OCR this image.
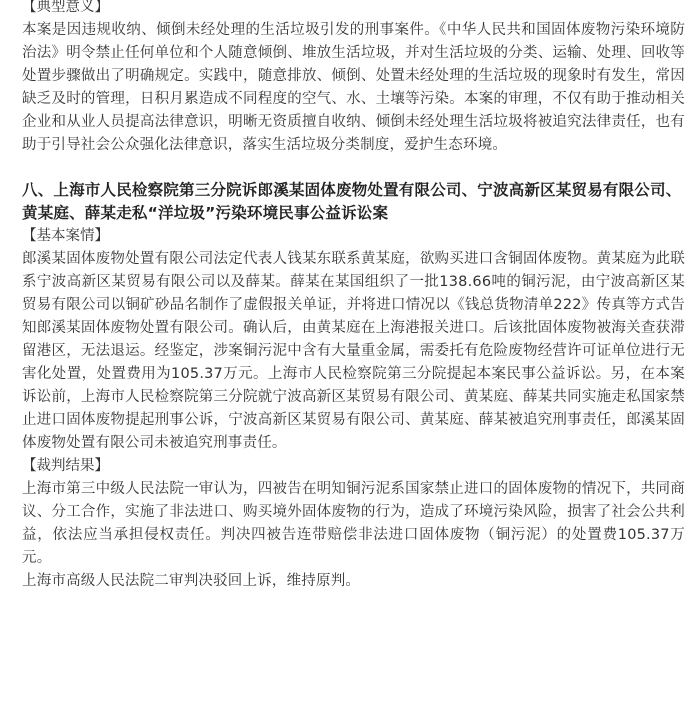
【典型意义】

本案是因违规收纳、倾倒未经处理的生活垃圾引发的刑事案件。《中华人民共和国固体废物污染环境防治法》明令禁止任何单位和个人随意倾倒、堆放生活垃圾，并对生活垃圾的分类、运输、处理、回收等处置步骤做出了明确规定。实践中，随意排放、倾倒、处置未经处理的生活垃圾的现象时有发生，常因缺乏及时的管理，日积月累造成不同程度的空气、水、土壤等污染。本案的审理，不仅有助于推动相关企业和从业人员提高法律意识，明晰无资质擅自收纳、倾倒未经处理生活垃圾将被追究法律责任，也有助于引导社会公众强化法律意识，落实生活垃圾分类制度，爱护生态环境。

八、上海市人民检察院第三分院诉郎溪某固体废物处置有限公司、宁波高新区某贸易有限公司、黄某庭、薛某走私“洋垃圾”污染环境民事公益诉讼案

【基本案情】

郎溪某固体废物处置有限公司法定代表人钱某东联系黄某庭，欲购买进口含铜固体废物。黄某庭为此联系宁波高新区某贸易有限公司以及薛某。薛某在某国组织了一批138.66吨的铜污泥，由宁波高新区某贸易有限公司以铜矿砂品名制作了虚假报关单证，并将进口情况以《钱总货物清单222》传真等方式告知郎溪某固体废物处置有限公司。确认后，由黄某庭在上海港报关进口。后该批固体废物被海关查获滞留港区，无法退运。经鉴定，涉案铜污泥中含有大量重金属，需委托有危险废物经营许可证单位进行无害化处置，处置费用为105.37万元。上海市人民检察院第三分院提起本案民事公益诉讼。另，在本案诉讼前，上海市人民检察院第三分院就宁波高新区某贸易有限公司、黄某庭、薛某共同实施走私国家禁止进口固体废物提起刑事公诉，宁波高新区某贸易有限公司、黄某庭、薛某被追究刑事责任，郎溪某固体废物处置有限公司未被追究刑事责任。

【裁判结果】

上海市第三中级人民法院一审认为，四被告在明知铜污泥系国家禁止进口的固体废物的情况下，共同商议、分工合作，实施了非法进口、购买境外固体废物的行为，造成了环境污染风险，损害了社会公共利益，依法应当承担侵权责任。判决四被告连带赔偿非法进口固体废物（铜污泥）的处置费105.37万元。

上海市高级人民法院二审判决驳回上诉，维持原判。
